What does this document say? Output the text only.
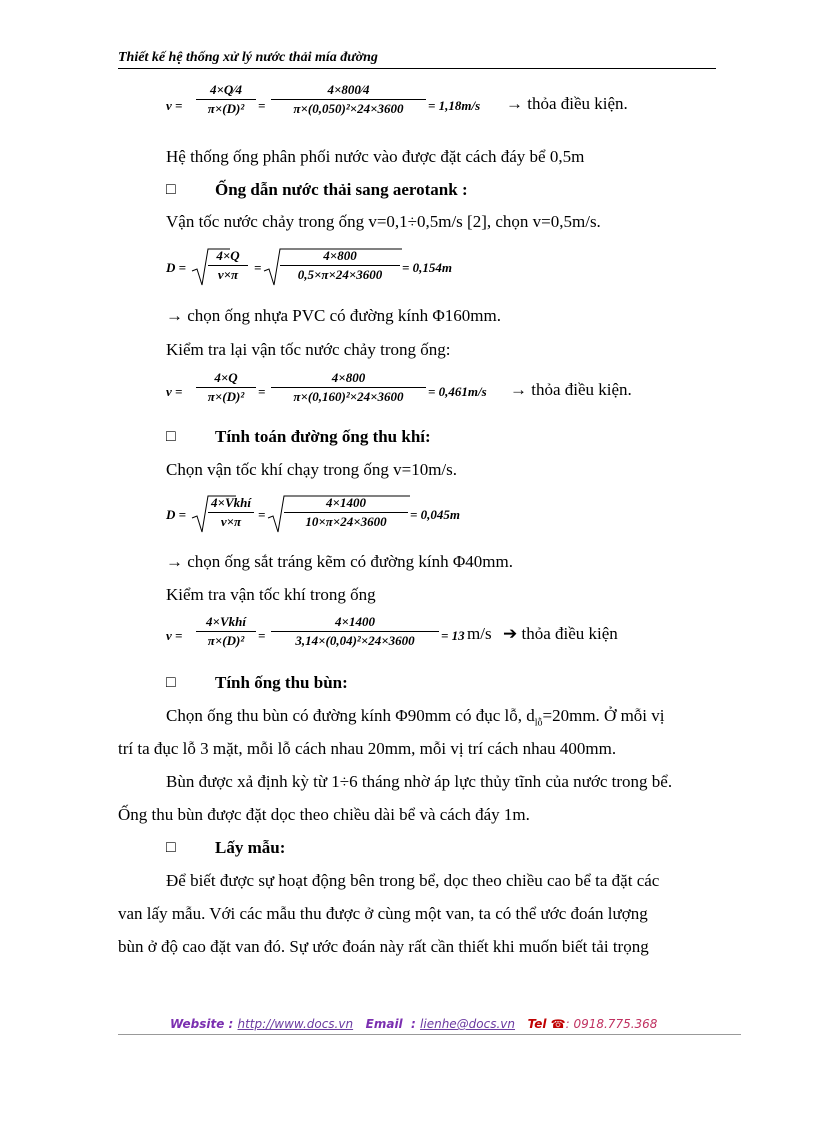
Thiết kế hệ thống xử lý nước thải mía đường
v =
4×Q⁄4
π×(D)²	=
4×800⁄4
π×(0,050)²×24×3600	= 1,18m/s → thỏa điều kiện.
Hệ thống ống phân phối nước vào được đặt cách đáy bể 0,5m
□ Ống dẫn nước thải sang aerotank :
Vận tốc nước chảy trong ống v=0,1÷0,5m/s [2], chọn v=0,5m/s.
D =
4×Q
v×π	=
4×800
0,5×π×24×3600	= 0,154m
→ chọn ống nhựa PVC có đường kính Φ160mm.
Kiểm tra lại vận tốc nước chảy trong ống:
v =
4×Q
π×(D)²	=
4×800
π×(0,160)²×24×3600	= 0,461m/s → thỏa điều kiện.
□ Tính toán đường ống thu khí:
Chọn vận tốc khí chạy trong ống v=10m/s.
D =
4×Vkhí
v×π	=
4×1400
10×π×24×3600	= 0,045m
→ chọn ống sắt tráng kẽm có đường kính Φ40mm.
Kiểm tra vận tốc khí trong ống
v =
4×Vkhí
π×(D)²	=
4×1400
3,14×(0,04)²×24×3600	= 13 m/s ➔ thỏa điều kiện
□ Tính ống thu bùn:
Chọn ống thu bùn có đường kính Φ90mm có đục lỗ, $d_{lỗ}=20mm$. Ở mỗi vị
trí ta đục lỗ 3 mặt, mỗi lỗ cách nhau 20mm, mỗi vị trí cách nhau 400mm.
Bùn được xả định kỳ từ 1÷6 tháng nhờ áp lực thủy tĩnh của nước trong bể.
Ống thu bùn được đặt dọc theo chiều dài bể và cách đáy 1m.
□ Lấy mẫu:
Để biết được sự hoạt động bên trong bể, dọc theo chiều cao bể ta đặt các
van lấy mẫu. Với các mẫu thu được ở cùng một van, ta có thể ước đoán lượng
bùn ở độ cao đặt van đó. Sự ước đoán này rất cần thiết khi muốn biết tải trọng
Website : http://www.docs.vn Email : lienhe@docs.vn Tel ☎: 0918.775.368
